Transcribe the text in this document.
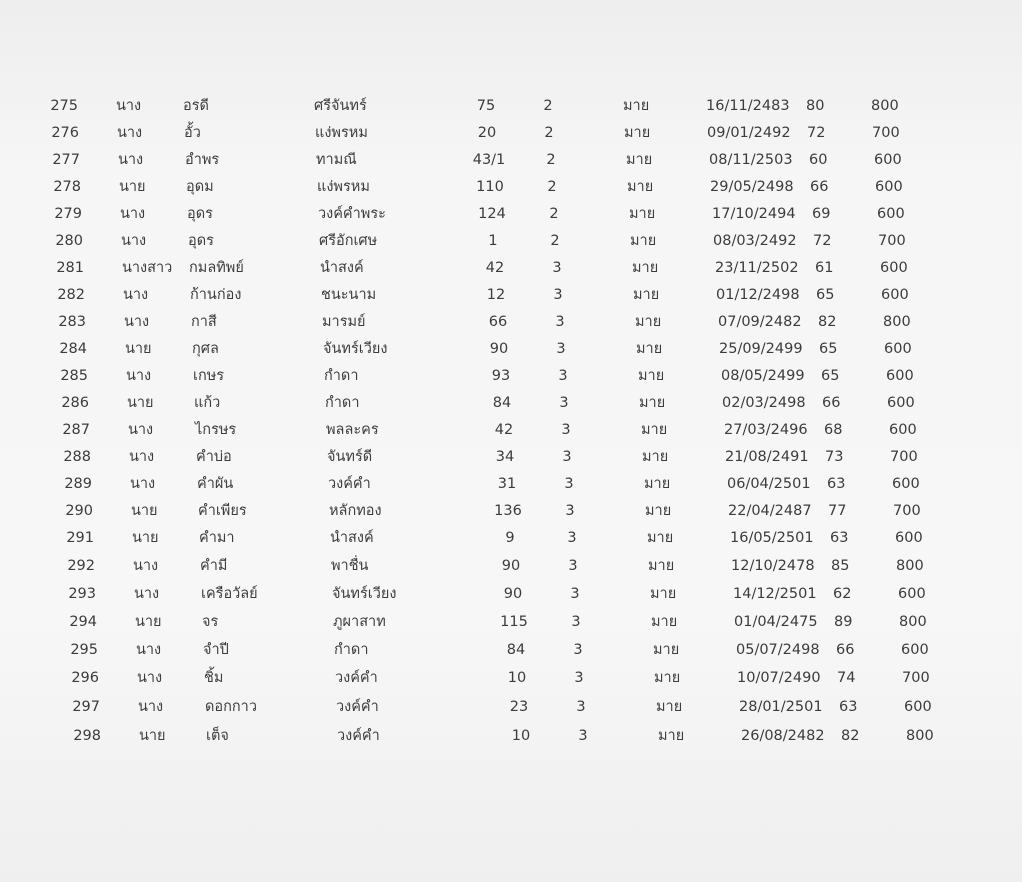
275	นาง	อรดี	ศรีจันทร์	75	2	มาย	16/11/2483 80	800
276	นาง	อั้ว	แง่พรหม	20	2	มาย	09/01/2492 72	700
277	นาง	อำพร	ทามณี	43/1	2	มาย	08/11/2503 60	600
278	นาย	อุดม	แง่พรหม	110	2	มาย	29/05/2498 66	600
279	นาง	อุดร	วงค์คำพระ	124	2	มาย	17/10/2494 69	600
280	นาง	อุดร	ศรีอักเศษ	1	2	มาย	08/03/2492 72	700
281	นางสาว กมลทิพย์	นำสงค์	42	3	มาย	23/11/2502 61	600
282	นาง	ก้านก่อง	ชนะนาม	12	3	มาย	01/12/2498 65	600
283	นาง	กาสี	มารมย์	66	3	มาย	07/09/2482 82	800
284	นาย	กุศล	จันทร์เวียง	90	3	มาย	25/09/2499 65	600
285	นาง	เกษร	กำดา	93	3	มาย	08/05/2499 65	600
286	นาย	แก้ว	กำดา	84	3	มาย	02/03/2498 66	600
287	นาง	ไกรษร	พลละคร	42	3	มาย	27/03/2496 68	600
288	นาง	คำบ่อ	จันทร์ดี	34	3	มาย	21/08/2491 73	700
289	นาง	คำผัน	วงค์คำ	31	3	มาย	06/04/2501 63	600
290	นาย	คำเพียร	หลักทอง	136	3	มาย	22/04/2487 77	700
291	นาย	คำมา	นำสงค์	9	3	มาย	16/05/2501 63	600
292	นาง	คำมี	พาชื่น	90	3	มาย	12/10/2478 85	800
293	นาง	เครือวัลย์	จันทร์เวียง	90	3	มาย	14/12/2501 62	600
294	นาย	จร	ภูผาสาท	115	3	มาย	01/04/2475 89	800
295	นาง	จำปี	กำดา	84	3	มาย	05/07/2498 66	600
296	นาง	ชิ้ม	วงค์คำ	10	3	มาย	10/07/2490 74	700
297	นาง	ดอกกาว	วงค์คำ	23	3	มาย	28/01/2501 63	600
298	นาย	เต็จ	วงค์คำ	10	3	มาย	26/08/2482 82	800
